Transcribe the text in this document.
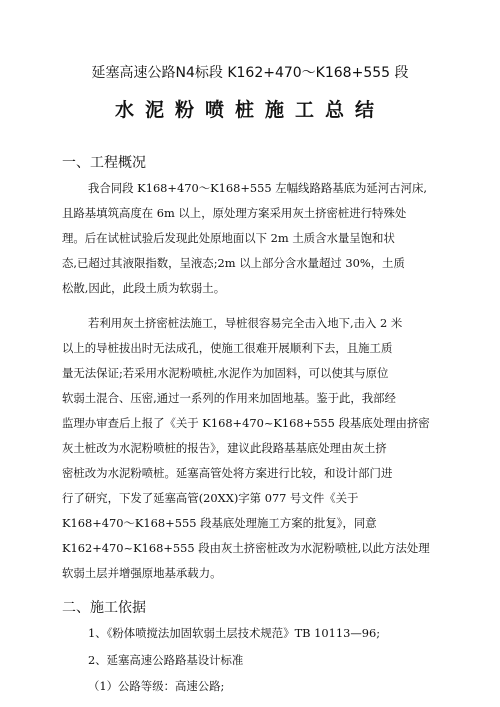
延塞高速公路N4标段 K162+470～K168+555 段
水泥粉喷桩施工总结
一、工程概况
我合同段 K168+470～K168+555 左幅线路路基底为延河古河床,
且路基填筑高度在 6m 以上，原处理方案采用灰土挤密桩进行特殊处
理。后在试桩试验后发现此处原地面以下 2m 土质含水量呈饱和状
态,已超过其液限指数，呈液态;2m 以上部分含水量超过 30%，土质
松散,因此，此段土质为软弱土。
若利用灰土挤密桩法施工，导桩很容易完全击入地下,击入 2 米
以上的导桩拔出时无法成孔，使施工很难开展顺利下去，且施工质
量无法保证;若采用水泥粉喷桩,水泥作为加固料，可以使其与原位
软弱土混合、压密,通过一系列的作用来加固地基。鉴于此，我部经
监理办审查后上报了《关于 K168+470~K168+555 段基底处理由挤密
灰土桩改为水泥粉喷桩的报告》，建议此段路基基底处理由灰土挤
密桩改为水泥粉喷桩。延塞高管处将方案进行比较，和设计部门进
行了研究，下发了延塞高管(20XX)字第 077 号文件《关于
K168+470～K168+555 段基底处理施工方案的批复》，同意
K162+470~K168+555 段由灰土挤密桩改为水泥粉喷桩,以此方法处理
软弱土层并增强原地基承载力。
二、施工依据
1、《粉体喷搅法加固软弱土层技术规范》TB 10113—96;
2、延塞高速公路路基设计标准
（1）公路等级：高速公路;
